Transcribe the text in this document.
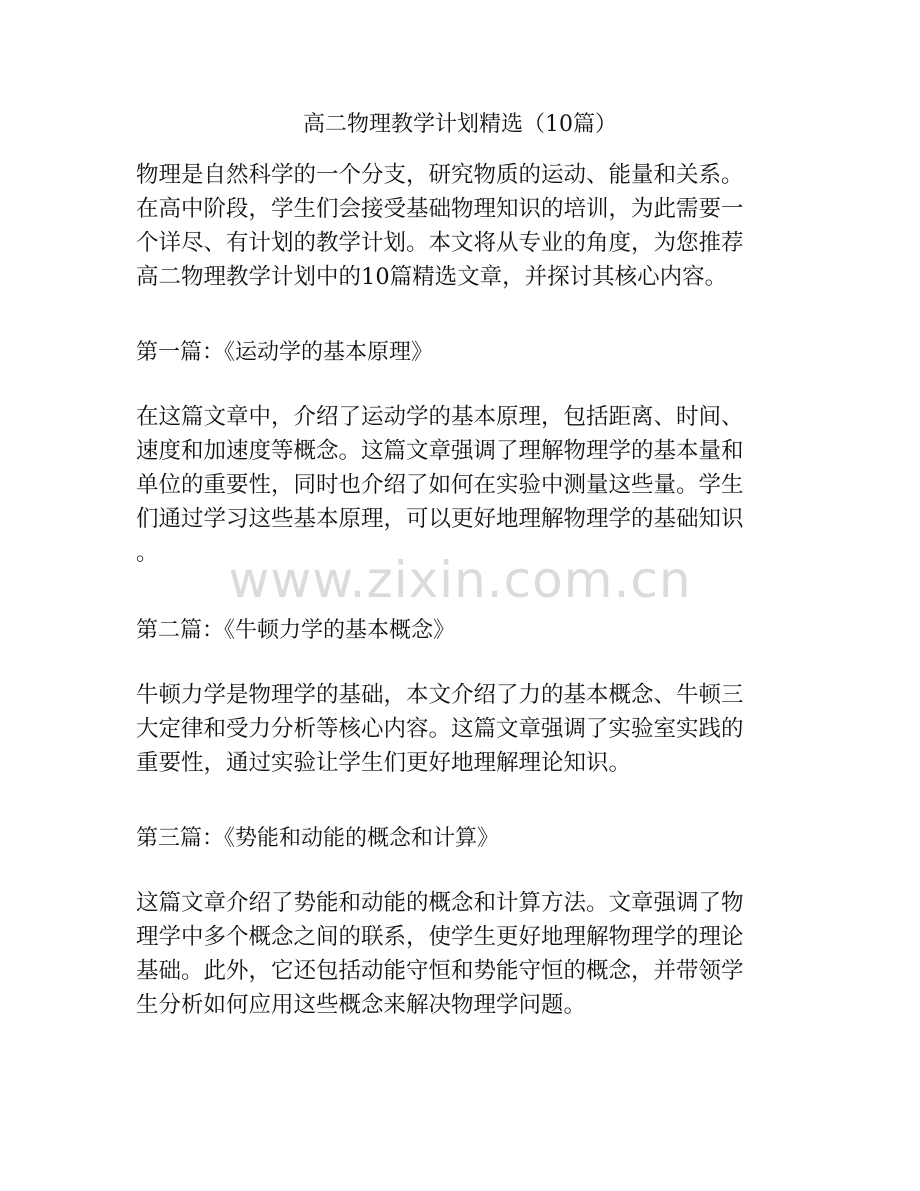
高二物理教学计划精选（10篇）
物理是自然科学的一个分支，研究物质的运动、能量和关系。
在高中阶段，学生们会接受基础物理知识的培训，为此需要一
个详尽、有计划的教学计划。本文将从专业的角度，为您推荐
高二物理教学计划中的10篇精选文章，并探讨其核心内容。
第一篇：《运动学的基本原理》
在这篇文章中，介绍了运动学的基本原理，包括距离、时间、
速度和加速度等概念。这篇文章强调了理解物理学的基本量和
单位的重要性，同时也介绍了如何在实验中测量这些量。学生
们通过学习这些基本原理，可以更好地理解物理学的基础知识
。
第二篇：《牛顿力学的基本概念》
牛顿力学是物理学的基础，本文介绍了力的基本概念、牛顿三
大定律和受力分析等核心内容。这篇文章强调了实验室实践的
重要性，通过实验让学生们更好地理解理论知识。
第三篇：《势能和动能的概念和计算》
这篇文章介绍了势能和动能的概念和计算方法。文章强调了物
理学中多个概念之间的联系，使学生更好地理解物理学的理论
基础。此外，它还包括动能守恒和势能守恒的概念，并带领学
生分析如何应用这些概念来解决物理学问题。
www.zixin.com.cn
